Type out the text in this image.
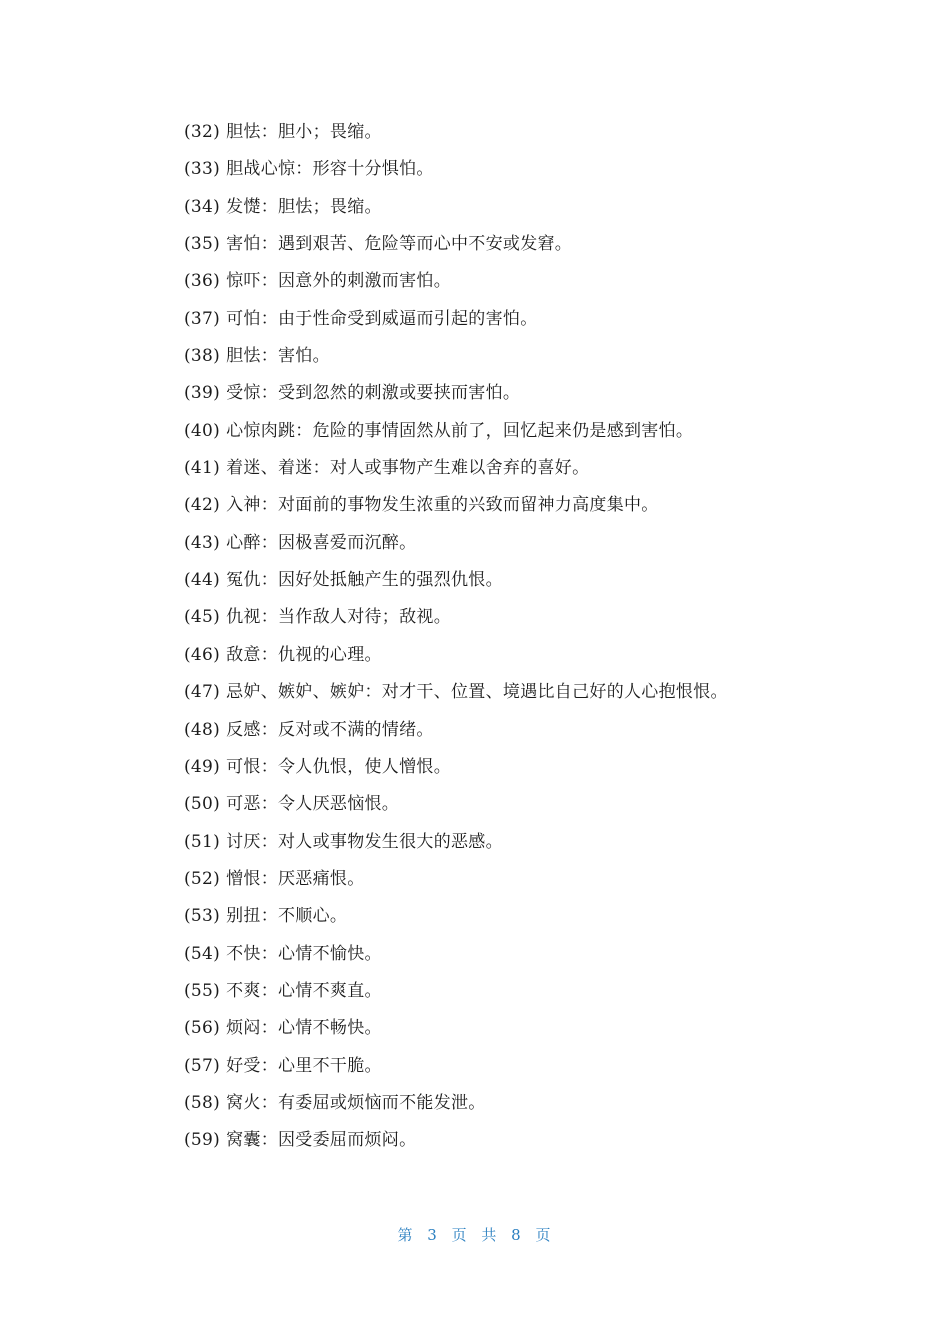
(32) 胆怯：胆小；畏缩。
(33) 胆战心惊：形容十分惧怕。
(34) 发憷：胆怯；畏缩。
(35) 害怕：遇到艰苦、危险等而心中不安或发窘。
(36) 惊吓：因意外的刺激而害怕。
(37) 可怕：由于性命受到威逼而引起的害怕。
(38) 胆怯：害怕。
(39) 受惊：受到忽然的刺激或要挟而害怕。
(40) 心惊肉跳：危险的事情固然从前了，回忆起来仍是感到害怕。
(41) 着迷、着迷：对人或事物产生难以舍弃的喜好。
(42) 入神：对面前的事物发生浓重的兴致而留神力高度集中。
(43) 心醉：因极喜爱而沉醉。
(44) 冤仇：因好处抵触产生的强烈仇恨。
(45) 仇视：当作敌人对待；敌视。
(46) 敌意：仇视的心理。
(47) 忌妒、嫉妒、嫉妒：对才干、位置、境遇比自己好的人心抱恨恨。
(48) 反感：反对或不满的情绪。
(49) 可恨：令人仇恨，使人憎恨。
(50) 可恶：令人厌恶恼恨。
(51) 讨厌：对人或事物发生很大的恶感。
(52) 憎恨：厌恶痛恨。
(53) 别扭：不顺心。
(54) 不快：心情不愉快。
(55) 不爽：心情不爽直。
(56) 烦闷：心情不畅快。
(57) 好受：心里不干脆。
(58) 窝火：有委屈或烦恼而不能发泄。
(59) 窝囊：因受委屈而烦闷。
第 3 页 共 8 页
